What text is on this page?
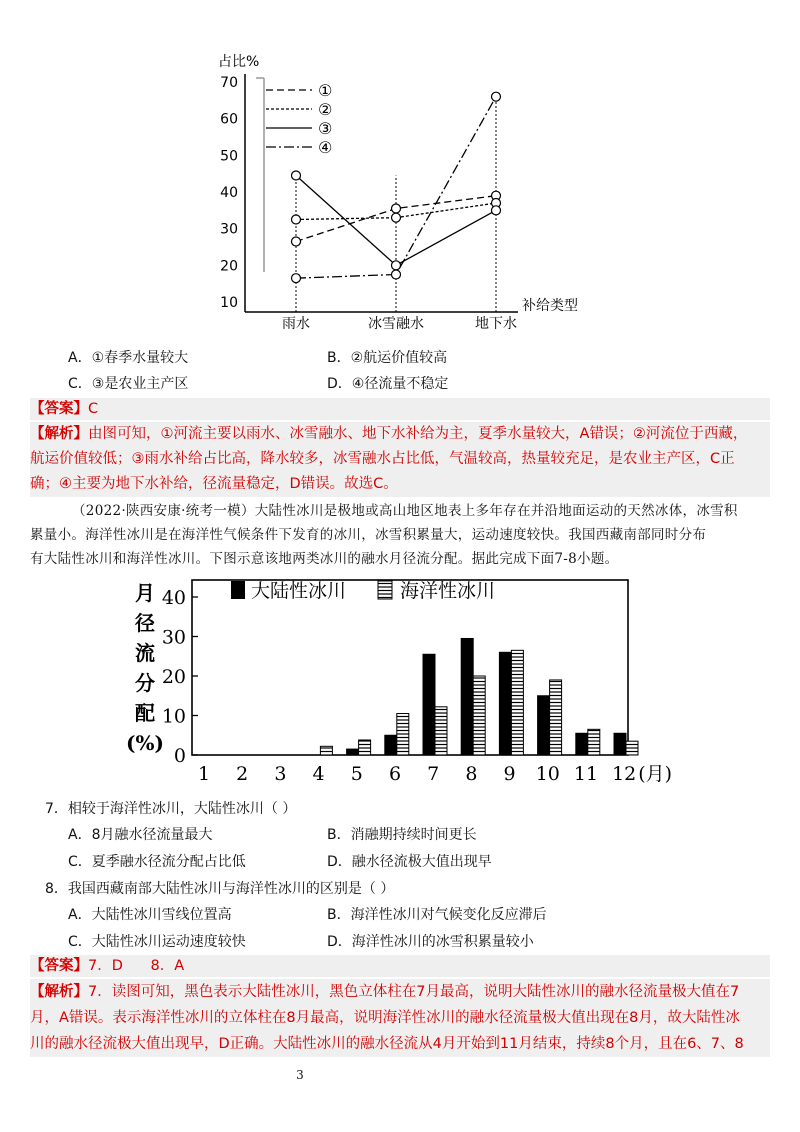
占比%
70
60
50
40
30
20
10
①
②
③
④
补给类型
雨水	冰雪融水	地下水
A．①春季水量较大	B．②航运价值较高
C．③是农业主产区	D．④径流量不稳定
【答案】C
【解析】由图可知，①河流主要以雨水、冰雪融水、地下水补给为主，夏季水量较大，A错误；②河流位于西藏，
航运价值较低；③雨水补给占比高，降水较多，冰雪融水占比低，气温较高，热量较充足，是农业主产区，C正
确；④主要为地下水补给，径流量稳定，D错误。故选C。
（2022·陕西安康·统考一模）大陆性冰川是极地或高山地区地表上多年存在并沿地面运动的天然冰体，冰雪积
累量小。海洋性冰川是在海洋性气候条件下发育的冰川，冰雪积累量大，运动速度较快。我国西藏南部同时分布
有大陆性冰川和海洋性冰川。下图示意该地两类冰川的融水月径流分配。据此完成下面7-8小题。
月
径
流
分
配
(%)
40
30
20
10
0
大陆性冰川	海洋性冰川
1 2 3 4 5 6 7 8 9 10 11 12 (月)
7．相较于海洋性冰川，大陆性冰川（ ）
A．8月融水径流量最大	B．消融期持续时间更长
C．夏季融水径流分配占比低	D．融水径流极大值出现早
8．我国西藏南部大陆性冰川与海洋性冰川的区别是（ ）
A．大陆性冰川雪线位置高	B．海洋性冰川对气候变化反应滞后
C．大陆性冰川运动速度较快	D．海洋性冰川的冰雪积累量较小
【答案】7．D      8．A
【解析】7．读图可知，黑色表示大陆性冰川，黑色立体柱在7月最高，说明大陆性冰川的融水径流量极大值在7
月，A错误。表示海洋性冰川的立体柱在8月最高，说明海洋性冰川的融水径流量极大值出现在8月，故大陆性冰
川的融水径流极大值出现早，D正确。大陆性冰川的融水径流从4月开始到11月结束，持续8个月，且在6、7、8
3
